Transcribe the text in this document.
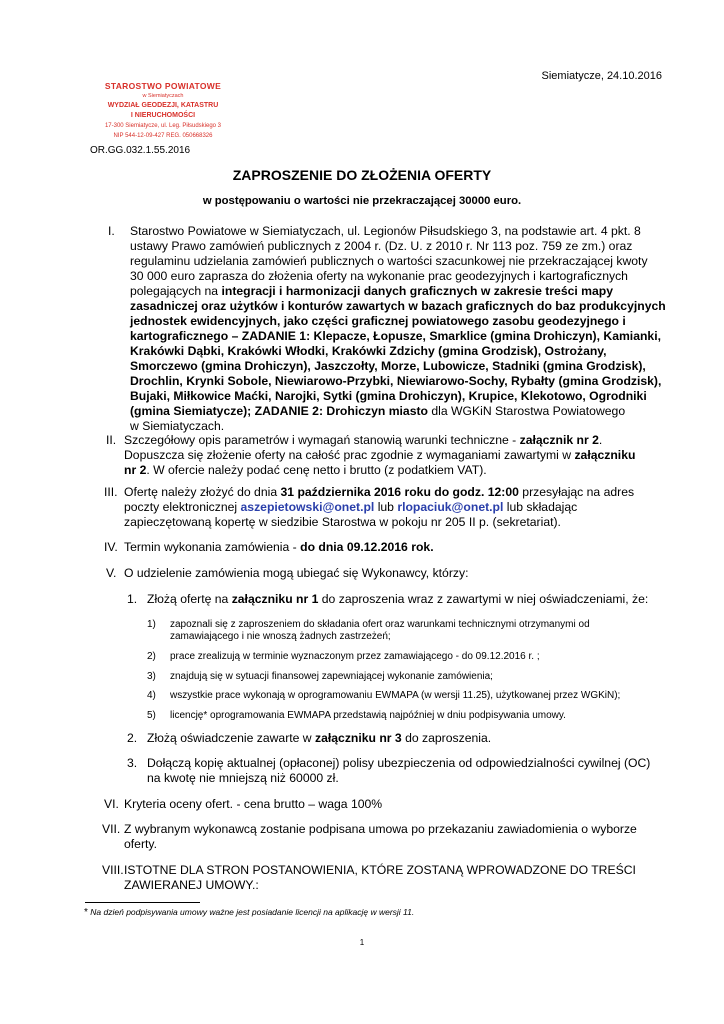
Siemiatycze, 24.10.2016
STAROSTWO POWIATOWE
w Siemiatyczach
WYDZIAŁ GEODEZJI, KATASTRU
I NIERUCHOMOŚCI
17-300 Siemiatycze, ul. Leg. Piłsudskiego 3
NIP 544-12-09-427 REG. 050668326
OR.GG.032.1.55.2016
ZAPROSZENIE DO ZŁOŻENIA OFERTY
w postępowaniu o wartości nie przekraczającej 30000 euro.
I. Starostwo Powiatowe w Siemiatyczach, ul. Legionów Piłsudskiego 3, na podstawie art. 4 pkt. 8
ustawy Prawo zamówień publicznych z 2004 r. (Dz. U. z 2010 r. Nr 113 poz. 759 ze zm.) oraz
regulaminu udzielania zamówień publicznych o wartości szacunkowej nie przekraczającej kwoty
30 000 euro zaprasza do złożenia oferty na wykonanie prac geodezyjnych i kartograficznych
polegających na integracji i harmonizacji danych graficznych w zakresie treści mapy
zasadniczej oraz użytków i konturów zawartych w bazach graficznych do baz produkcyjnych
jednostek ewidencyjnych, jako części graficznej powiatowego zasobu geodezyjnego i
kartograficznego – ZADANIE 1: Klepacze, Łopusze, Smarklice (gmina Drohiczyn), Kamianki,
Krakówki Dąbki, Krakówki Włodki, Krakówki Zdzichy (gmina Grodzisk), Ostrożany,
Smorczewo (gmina Drohiczyn), Jaszczołty, Morze, Lubowicze, Stadniki (gmina Grodzisk),
Drochlin, Krynki Sobole, Niewiarowo-Przybki, Niewiarowo-Sochy, Rybałty (gmina Grodzisk),
Bujaki, Miłkowice Maćki, Narojki, Sytki (gmina Drohiczyn), Krupice, Klekotowo, Ogrodniki
(gmina Siemiatycze); ZADANIE 2: Drohiczyn miasto dla WGKiN Starostwa Powiatowego
w Siemiatyczach.
II. Szczegółowy opis parametrów i wymagań stanowią warunki techniczne - załącznik nr 2.
Dopuszcza się złożenie oferty na całość prac zgodnie z wymaganiami zawartymi w załączniku
nr 2. W ofercie należy podać cenę netto i brutto (z podatkiem VAT).
III. Ofertę należy złożyć do dnia 31 października 2016 roku do godz. 12:00 przesyłając na adres
poczty elektronicznej aszepietowski@onet.pl lub rlopaciuk@onet.pl lub składając
zapieczętowaną kopertę w siedzibie Starostwa w pokoju nr 205 II p. (sekretariat).
IV. Termin wykonania zamówienia - do dnia 09.12.2016 rok.
V. O udzielenie zamówienia mogą ubiegać się Wykonawcy, którzy:
1. Złożą ofertę na załączniku nr 1 do zaproszenia wraz z zawartymi w niej oświadczeniami, że:
1) zapoznali się z zaproszeniem do składania ofert oraz warunkami technicznymi otrzymanymi od
zamawiającego i nie wnoszą żadnych zastrzeżeń;
2) prace zrealizują w terminie wyznaczonym przez zamawiającego - do 09.12.2016 r. ;
3) znajdują się w sytuacji finansowej zapewniającej wykonanie zamówienia;
4) wszystkie prace wykonają w oprogramowaniu EWMAPA (w wersji 11.25), użytkowanej przez WGKiN);
5) licencję* oprogramowania EWMAPA przedstawią najpóźniej w dniu podpisywania umowy.
2. Złożą oświadczenie zawarte w załączniku nr 3 do zaproszenia.
3. Dołączą kopię aktualnej (opłaconej) polisy ubezpieczenia od odpowiedzialności cywilnej (OC)
na kwotę nie mniejszą niż 60000 zł.
VI. Kryteria oceny ofert. - cena brutto – waga 100%
VII. Z wybranym wykonawcą zostanie podpisana umowa po przekazaniu zawiadomienia o wyborze
oferty.
VIII. ISTOTNE DLA STRON POSTANOWIENIA, KTÓRE ZOSTANĄ WPROWADZONE DO TREŚCI
ZAWIERANEJ UMOWY.:
* Na dzień podpisywania umowy ważne jest posiadanie licencji na aplikację w wersji 11.
1
